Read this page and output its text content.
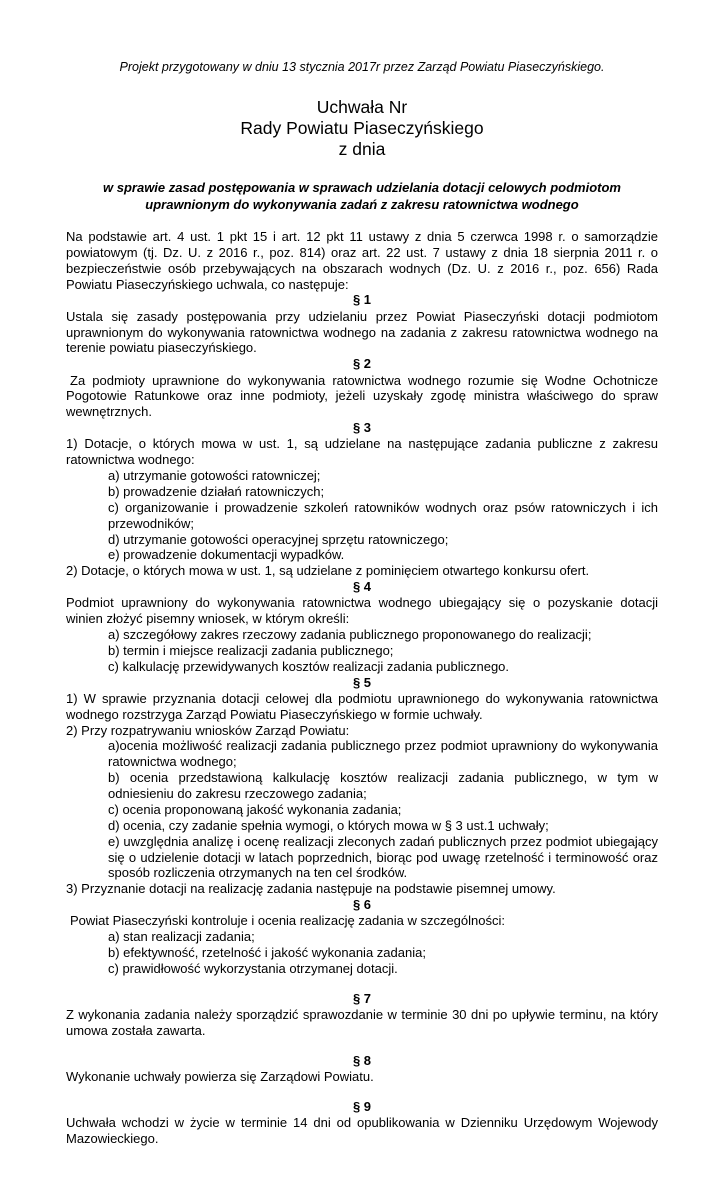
Projekt przygotowany w dniu 13 stycznia 2017r przez Zarząd Powiatu Piaseczyńskiego.

Uchwała Nr
Rady Powiatu Piaseczyńskiego
z dnia

w sprawie zasad postępowania w sprawach udzielania dotacji celowych podmiotom uprawnionym do wykonywania zadań z zakresu ratownictwa wodnego

Na podstawie art. 4 ust. 1 pkt 15 i art. 12 pkt 11 ustawy z dnia 5 czerwca 1998 r. o samorządzie powiatowym (tj. Dz. U. z 2016 r., poz. 814) oraz art. 22 ust. 7 ustawy z dnia 18 sierpnia 2011 r. o bezpieczeństwie osób przebywających na obszarach wodnych (Dz. U. z 2016 r., poz. 656) Rada Powiatu Piaseczyńskiego uchwala, co następuje:

§ 1

Ustala się zasady postępowania przy udzielaniu przez Powiat Piaseczyński dotacji podmiotom uprawnionym do wykonywania ratownictwa wodnego na zadania z zakresu ratownictwa wodnego na terenie powiatu piaseczyńskiego.

§ 2

Za podmioty uprawnione do wykonywania ratownictwa wodnego rozumie się Wodne Ochotnicze Pogotowie Ratunkowe oraz inne podmioty, jeżeli uzyskały zgodę ministra właściwego do spraw wewnętrznych.

§ 3

1) Dotacje, o których mowa w ust. 1, są udzielane na następujące zadania publiczne z zakresu ratownictwa wodnego:

a) utrzymanie gotowości ratowniczej;

b) prowadzenie działań ratowniczych;

c) organizowanie i prowadzenie szkoleń ratowników wodnych oraz psów ratowniczych i ich przewodników;

d) utrzymanie gotowości operacyjnej sprzętu ratowniczego;

e) prowadzenie dokumentacji wypadków.

2) Dotacje, o których mowa w ust. 1, są udzielane z pominięciem otwartego konkursu ofert.

§ 4

Podmiot uprawniony do wykonywania ratownictwa wodnego ubiegający się o pozyskanie dotacji winien złożyć pisemny wniosek, w którym określi:

a) szczegółowy zakres rzeczowy zadania publicznego proponowanego do realizacji;

b) termin i miejsce realizacji zadania publicznego;

c) kalkulację przewidywanych kosztów realizacji zadania publicznego.

§ 5

1) W sprawie przyznania dotacji celowej dla podmiotu uprawnionego do wykonywania ratownictwa wodnego rozstrzyga Zarząd Powiatu Piaseczyńskiego w formie uchwały.

2) Przy rozpatrywaniu wniosków Zarząd Powiatu:

a)ocenia możliwość realizacji zadania publicznego przez podmiot uprawniony do wykonywania ratownictwa wodnego;

b) ocenia przedstawioną kalkulację kosztów realizacji zadania publicznego, w tym w odniesieniu do zakresu rzeczowego zadania;

c) ocenia proponowaną jakość wykonania zadania;

d) ocenia, czy zadanie spełnia wymogi, o których mowa w § 3 ust.1 uchwały;

e) uwzględnia analizę i ocenę realizacji zleconych zadań publicznych przez podmiot ubiegający się o udzielenie dotacji w latach poprzednich, biorąc pod uwagę rzetelność i terminowość oraz sposób rozliczenia otrzymanych na ten cel środków.

3) Przyznanie dotacji na realizację zadania następuje na podstawie pisemnej umowy.

§ 6

Powiat Piaseczyński kontroluje i ocenia realizację zadania w szczególności:

a) stan realizacji zadania;

b) efektywność, rzetelność i jakość wykonania zadania;

c) prawidłowość wykorzystania otrzymanej dotacji.

§ 7

Z wykonania zadania należy sporządzić sprawozdanie w terminie 30 dni po upływie terminu, na który umowa została zawarta.

§ 8

Wykonanie uchwały powierza się Zarządowi Powiatu.

§ 9

Uchwała wchodzi w życie w terminie 14 dni od opublikowania w Dzienniku Urzędowym Wojewody Mazowieckiego.
